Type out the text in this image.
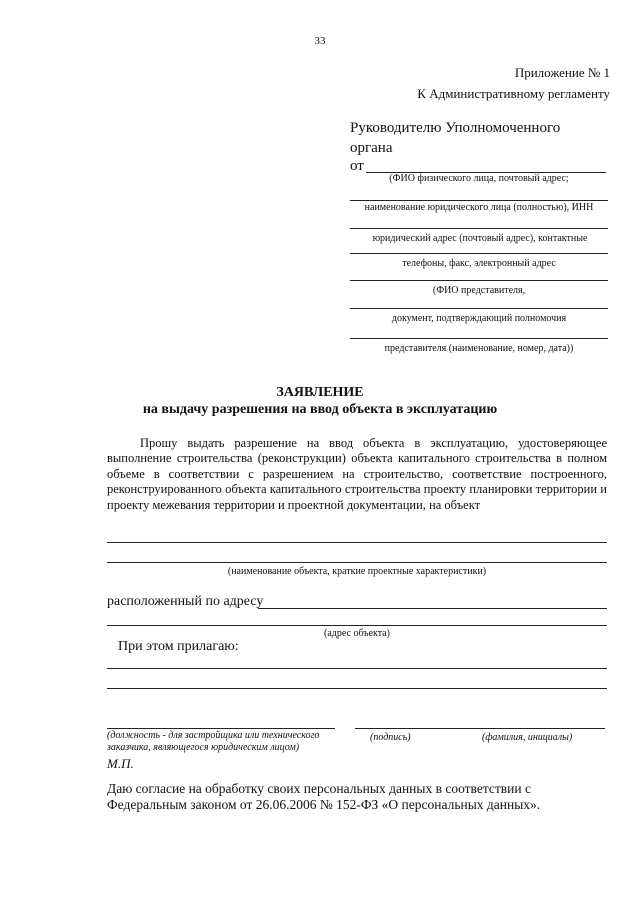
33
Приложение № 1
К Административному регламенту
Руководителю Уполномоченного
органа
от
(ФИО физического лица, почтовый адрес;
наименование юридического лица (полностью), ИНН
юридический адрес (почтовый адрес), контактные
телефоны, факс, электронный адрес
(ФИО представителя,
документ, подтверждающий полномочия
представителя (наименование, номер, дата))
ЗАЯВЛЕНИЕ
на выдачу разрешения на ввод объекта в эксплуатацию
Прошу выдать разрешение на ввод объекта в эксплуатацию, удостоверяющее
выполнение строительства (реконструкции) объекта капитального строительства в полном объеме в соответствии с разрешением на строительство, соответствие построенного, реконструированного объекта капитального строительства проекту планировки территории и проекту межевания территории и проектной документации, на объект
(наименование объекта, краткие проектные характеристики)
расположенный по адресу
(адрес объекта)
При этом прилагаю:
(должность - для застройщика или технического
заказчика, являющегося юридическим лицом)
(подпись)	(фамилия, инициалы)
М.П.
Даю согласие на обработку своих персональных данных в соответствии с Федеральным законом от 26.06.2006 № 152-ФЗ «О персональных данных».
